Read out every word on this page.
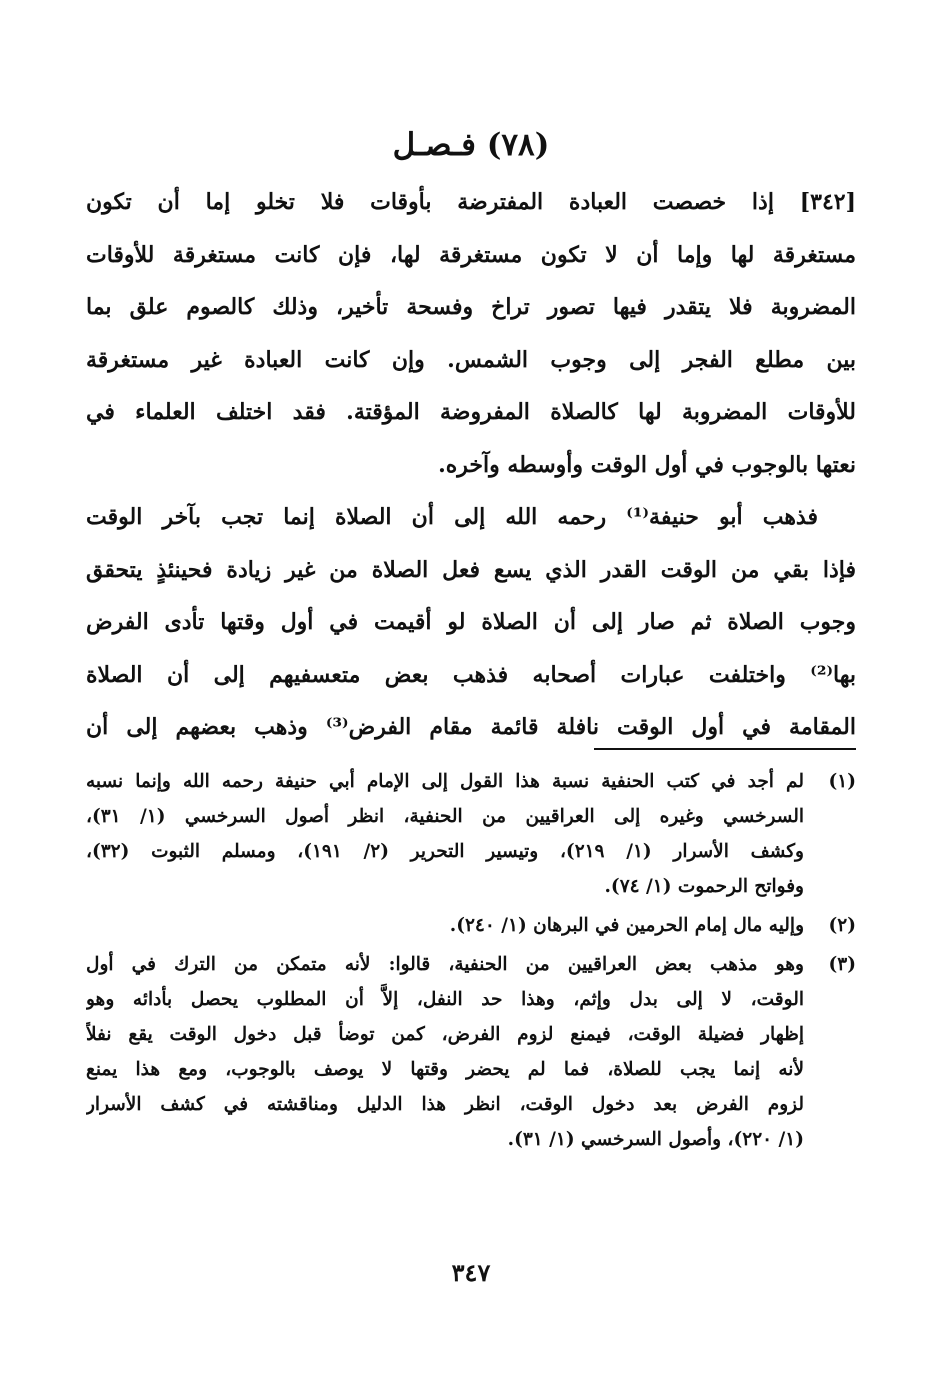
(٧٨) فـصـل

[٣٤٢] إذا خصصت العبادة المفترضة بأوقات فلا تخلو إما أن تكون
مستغرقة لها وإما أن لا تكون مستغرقة لها، فإن كانت مستغرقة للأوقات
المضروبة فلا يتقدر فيها تصور تراخ وفسحة تأخير، وذلك كالصوم علق بما
بين مطلع الفجر إلى وجوب الشمس. وإن كانت العبادة غير مستغرقة
للأوقات المضروبة لها كالصلاة المفروضة المؤقتة. فقد اختلف العلماء في
نعتها بالوجوب في أول الوقت وأوسطه وآخره.

فذهب أبو حنيفة⁽¹⁾ رحمه الله إلى أن الصلاة إنما تجب بآخر الوقت
فإذا بقي من الوقت القدر الذي يسع فعل الصلاة من غير زيادة فحينئذٍ يتحقق
وجوب الصلاة ثم صار إلى أن الصلاة لو أقيمت في أول وقتها تأدى الفرض
بها⁽²⁾ واختلفت عبارات أصحابه فذهب بعض متعسفيهم إلى أن الصلاة
المقامة في أول الوقت نافلة قائمة مقام الفرض⁽³⁾ وذهب بعضهم إلى أن

(١)
لم أجد في كتب الحنفية نسبة هذا القول إلى الإمام أبي حنيفة رحمه الله وإنما نسبه
السرخسي وغيره إلى العراقيين من الحنفية، انظر أصول السرخسي (١/ ٣١)،
وكشف الأسرار (١/ ٢١٩)، وتيسير التحرير (٢/ ١٩١)، ومسلم الثبوت (٣٢)،
وفواتح الرحموت (١/ ٧٤).
(٢)
وإليه مال إمام الحرمين في البرهان (١/ ٢٤٠).
(٣)
وهو مذهب بعض العراقيين من الحنفية، قالوا: لأنه متمكن من الترك في أول
الوقت، لا إلى بدل وإثم، وهذا حد النفل، إلاَّ أن المطلوب يحصل بأدائه وهو
إظهار فضيلة الوقت، فيمنع لزوم الفرض، كمن توضأ قبل دخول الوقت يقع نفلاً
لأنه إنما يجب للصلاة، فما لم يحضر وقتها لا يوصف بالوجوب، ومع هذا يمنع
لزوم الفرض بعد دخول الوقت، انظر هذا الدليل ومناقشته في كشف الأسرار
(١/ ٢٢٠)، وأصول السرخسي (١/ ٣١).
٣٤٧
